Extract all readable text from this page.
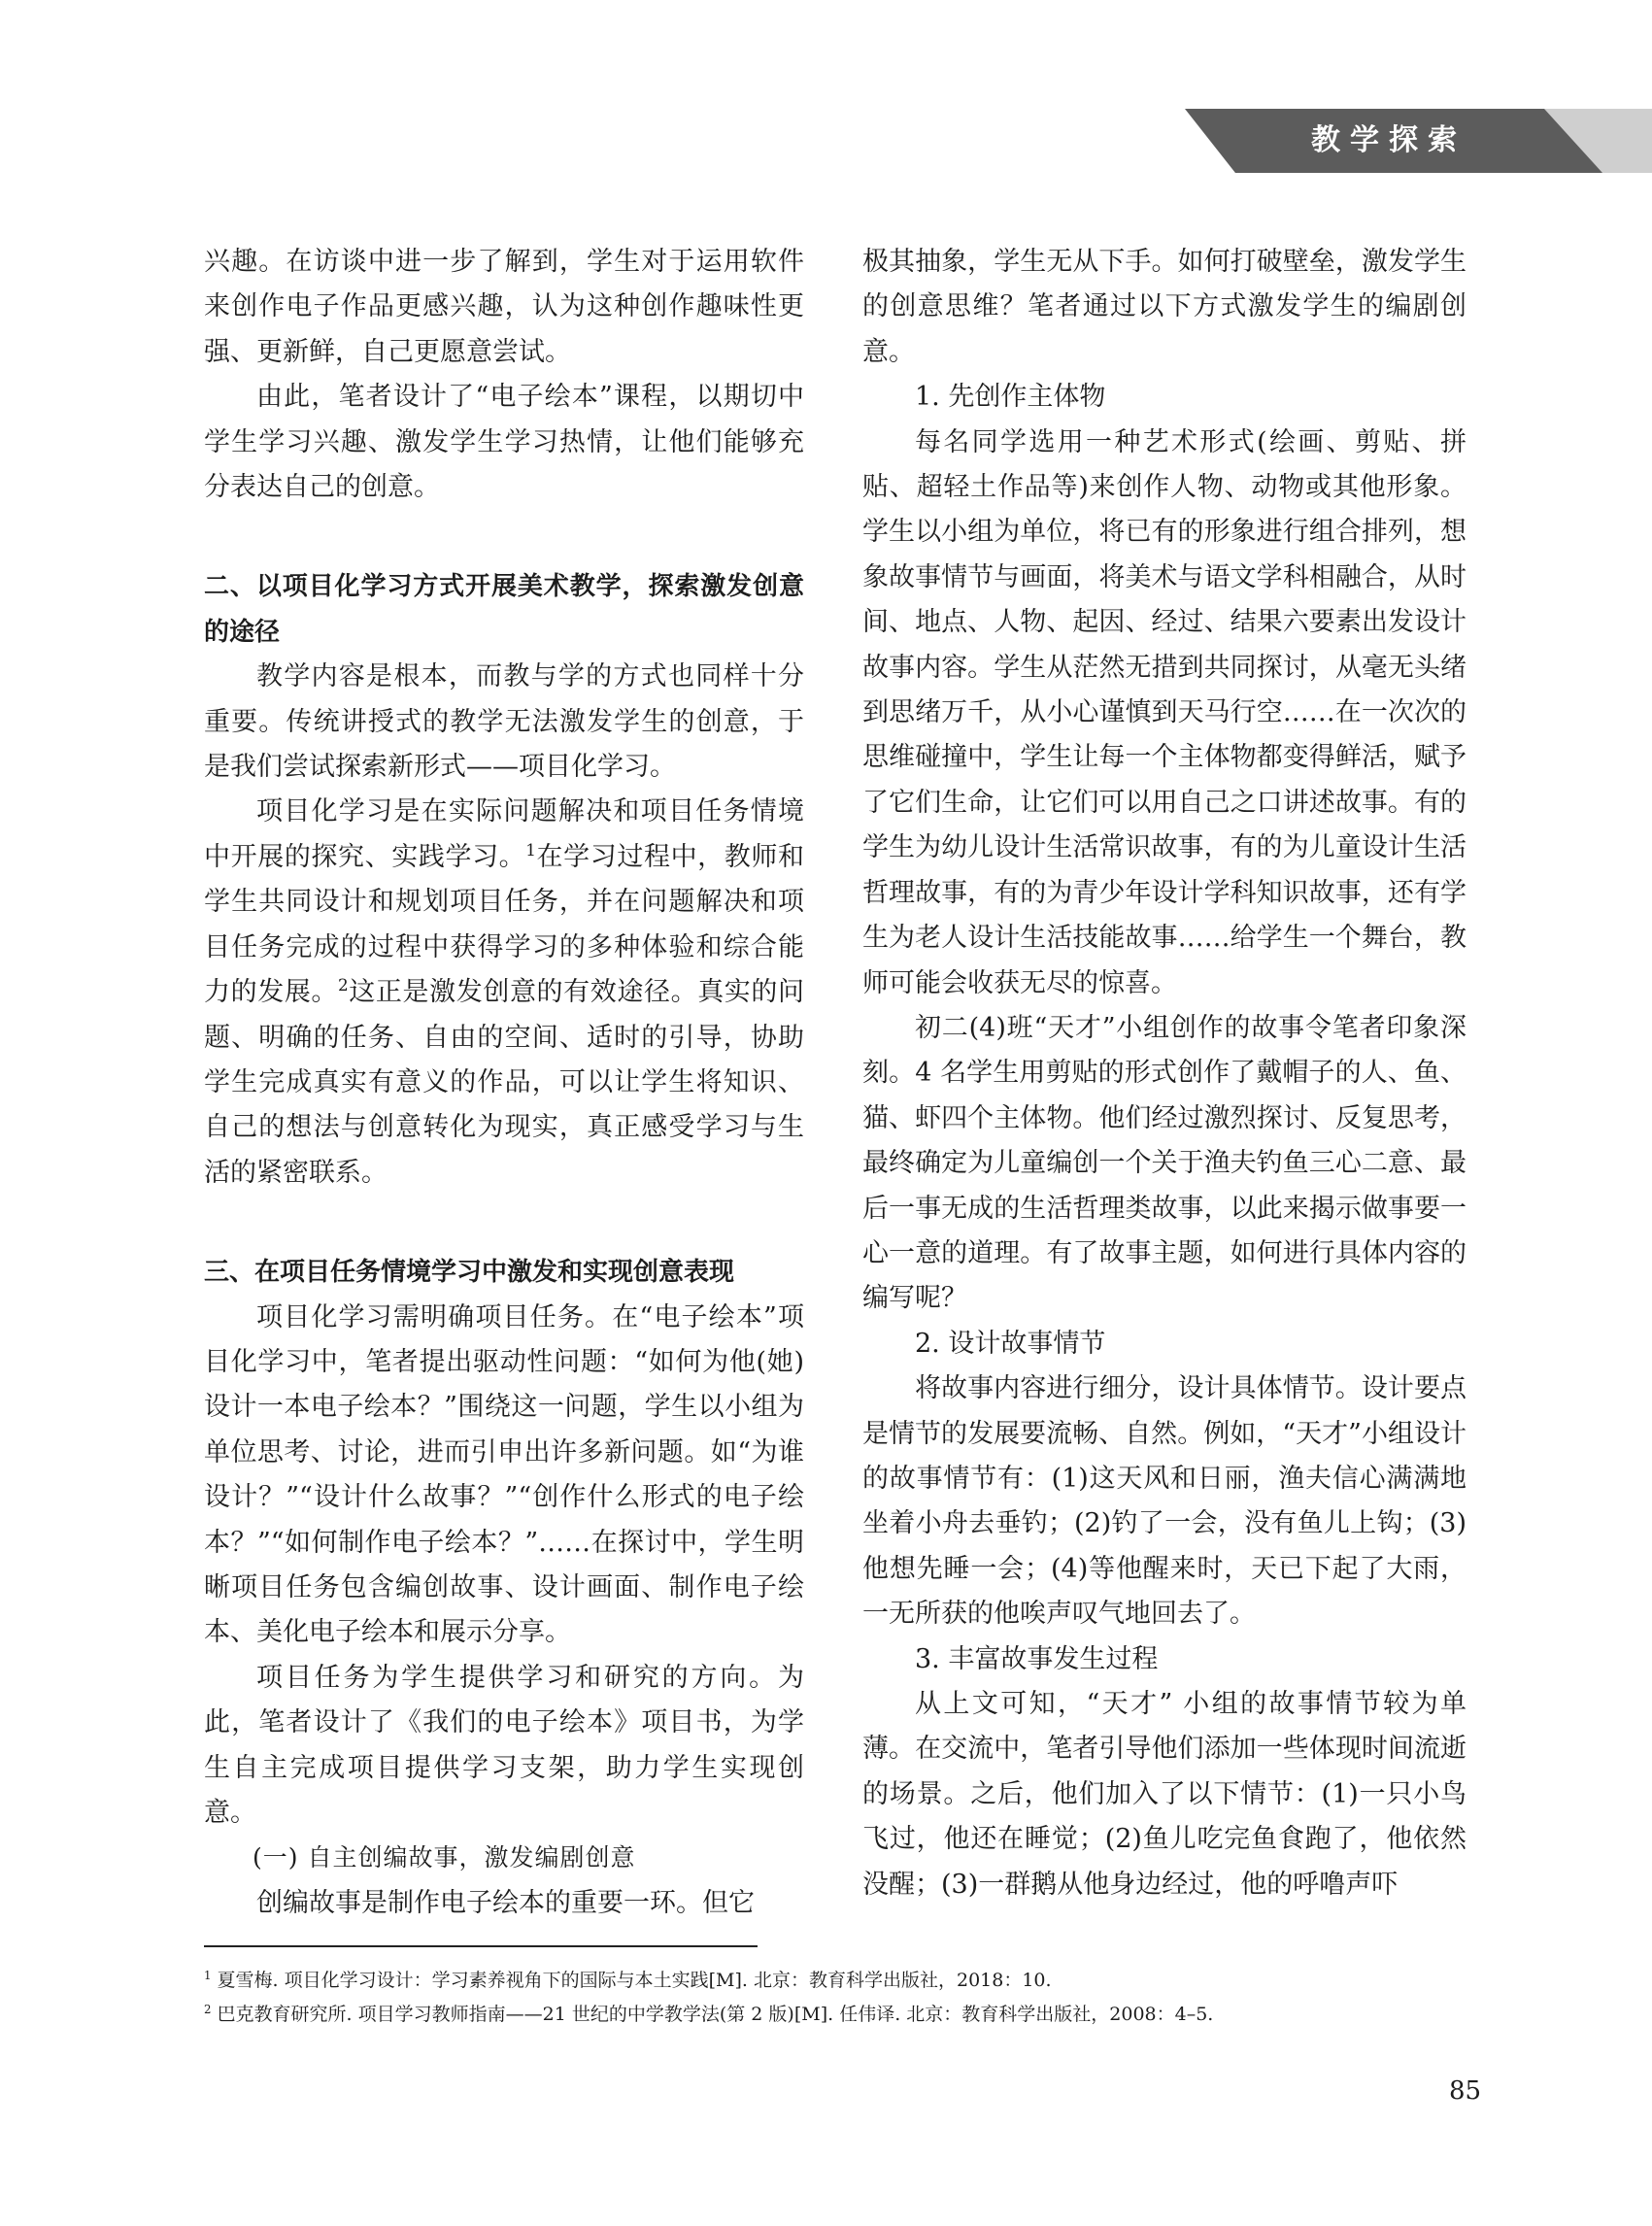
教学探索

兴趣。在访谈中进一步了解到，学生对于运用软件来创作电子作品更感兴趣，认为这种创作趣味性更强、更新鲜，自己更愿意尝试。

由此，笔者设计了“电子绘本”课程，以期切中学生学习兴趣、激发学生学习热情，让他们能够充分表达自己的创意。

二、以项目化学习方式开展美术教学，探索激发创意的途径

教学内容是根本，而教与学的方式也同样十分重要。传统讲授式的教学无法激发学生的创意，于是我们尝试探索新形式——项目化学习。

项目化学习是在实际问题解决和项目任务情境中开展的探究、实践学习。$^1$在学习过程中，教师和学生共同设计和规划项目任务，并在问题解决和项目任务完成的过程中获得学习的多种体验和综合能力的发展。$^2$这正是激发创意的有效途径。真实的问题、明确的任务、自由的空间、适时的引导，协助学生完成真实有意义的作品，可以让学生将知识、自己的想法与创意转化为现实，真正感受学习与生活的紧密联系。

三、在项目任务情境学习中激发和实现创意表现

项目化学习需明确项目任务。在“电子绘本”项目化学习中，笔者提出驱动性问题：“如何为他(她)设计一本电子绘本？”围绕这一问题，学生以小组为单位思考、讨论，进而引申出许多新问题。如“为谁设计？”“设计什么故事？”“创作什么形式的电子绘本？”“如何制作电子绘本？”……在探讨中，学生明晰项目任务包含编创故事、设计画面、制作电子绘本、美化电子绘本和展示分享。

项目任务为学生提供学习和研究的方向。为此，笔者设计了《我们的电子绘本》项目书，为学生自主完成项目提供学习支架，助力学生实现创意。

(一) 自主创编故事，激发编剧创意

创编故事是制作电子绘本的重要一环。但它

极其抽象，学生无从下手。如何打破壁垒，激发学生的创意思维？笔者通过以下方式激发学生的编剧创意。

1. 先创作主体物

每名同学选用一种艺术形式(绘画、剪贴、拼贴、超轻土作品等)来创作人物、动物或其他形象。学生以小组为单位，将已有的形象进行组合排列，想象故事情节与画面，将美术与语文学科相融合，从时间、地点、人物、起因、经过、结果六要素出发设计故事内容。学生从茫然无措到共同探讨，从毫无头绪到思绪万千，从小心谨慎到天马行空……在一次次的思维碰撞中，学生让每一个主体物都变得鲜活，赋予了它们生命，让它们可以用自己之口讲述故事。有的学生为幼儿设计生活常识故事，有的为儿童设计生活哲理故事，有的为青少年设计学科知识故事，还有学生为老人设计生活技能故事……给学生一个舞台，教师可能会收获无尽的惊喜。

初二(4)班“天才”小组创作的故事令笔者印象深刻。4 名学生用剪贴的形式创作了戴帽子的人、鱼、猫、虾四个主体物。他们经过激烈探讨、反复思考，最终确定为儿童编创一个关于渔夫钓鱼三心二意、最后一事无成的生活哲理类故事，以此来揭示做事要一心一意的道理。有了故事主题，如何进行具体内容的编写呢？

2. 设计故事情节

将故事内容进行细分，设计具体情节。设计要点是情节的发展要流畅、自然。例如，“天才”小组设计的故事情节有：(1)这天风和日丽，渔夫信心满满地坐着小舟去垂钓；(2)钓了一会，没有鱼儿上钩；(3)他想先睡一会；(4)等他醒来时，天已下起了大雨，一无所获的他唉声叹气地回去了。

3. 丰富故事发生过程

从上文可知，“天才” 小组的故事情节较为单薄。在交流中，笔者引导他们添加一些体现时间流逝的场景。之后，他们加入了以下情节：(1)一只小鸟飞过，他还在睡觉；(2)鱼儿吃完鱼食跑了，他依然没醒；(3)一群鹅从他身边经过，他的呼噜声吓

$^1$ 夏雪梅. 项目化学习设计：学习素养视角下的国际与本土实践[M]. 北京：教育科学出版社，2018：10.
$^2$ 巴克教育研究所. 项目学习教师指南——21 世纪的中学教学法(第 2 版)[M]. 任伟译. 北京：教育科学出版社，2008：4–5.
85
